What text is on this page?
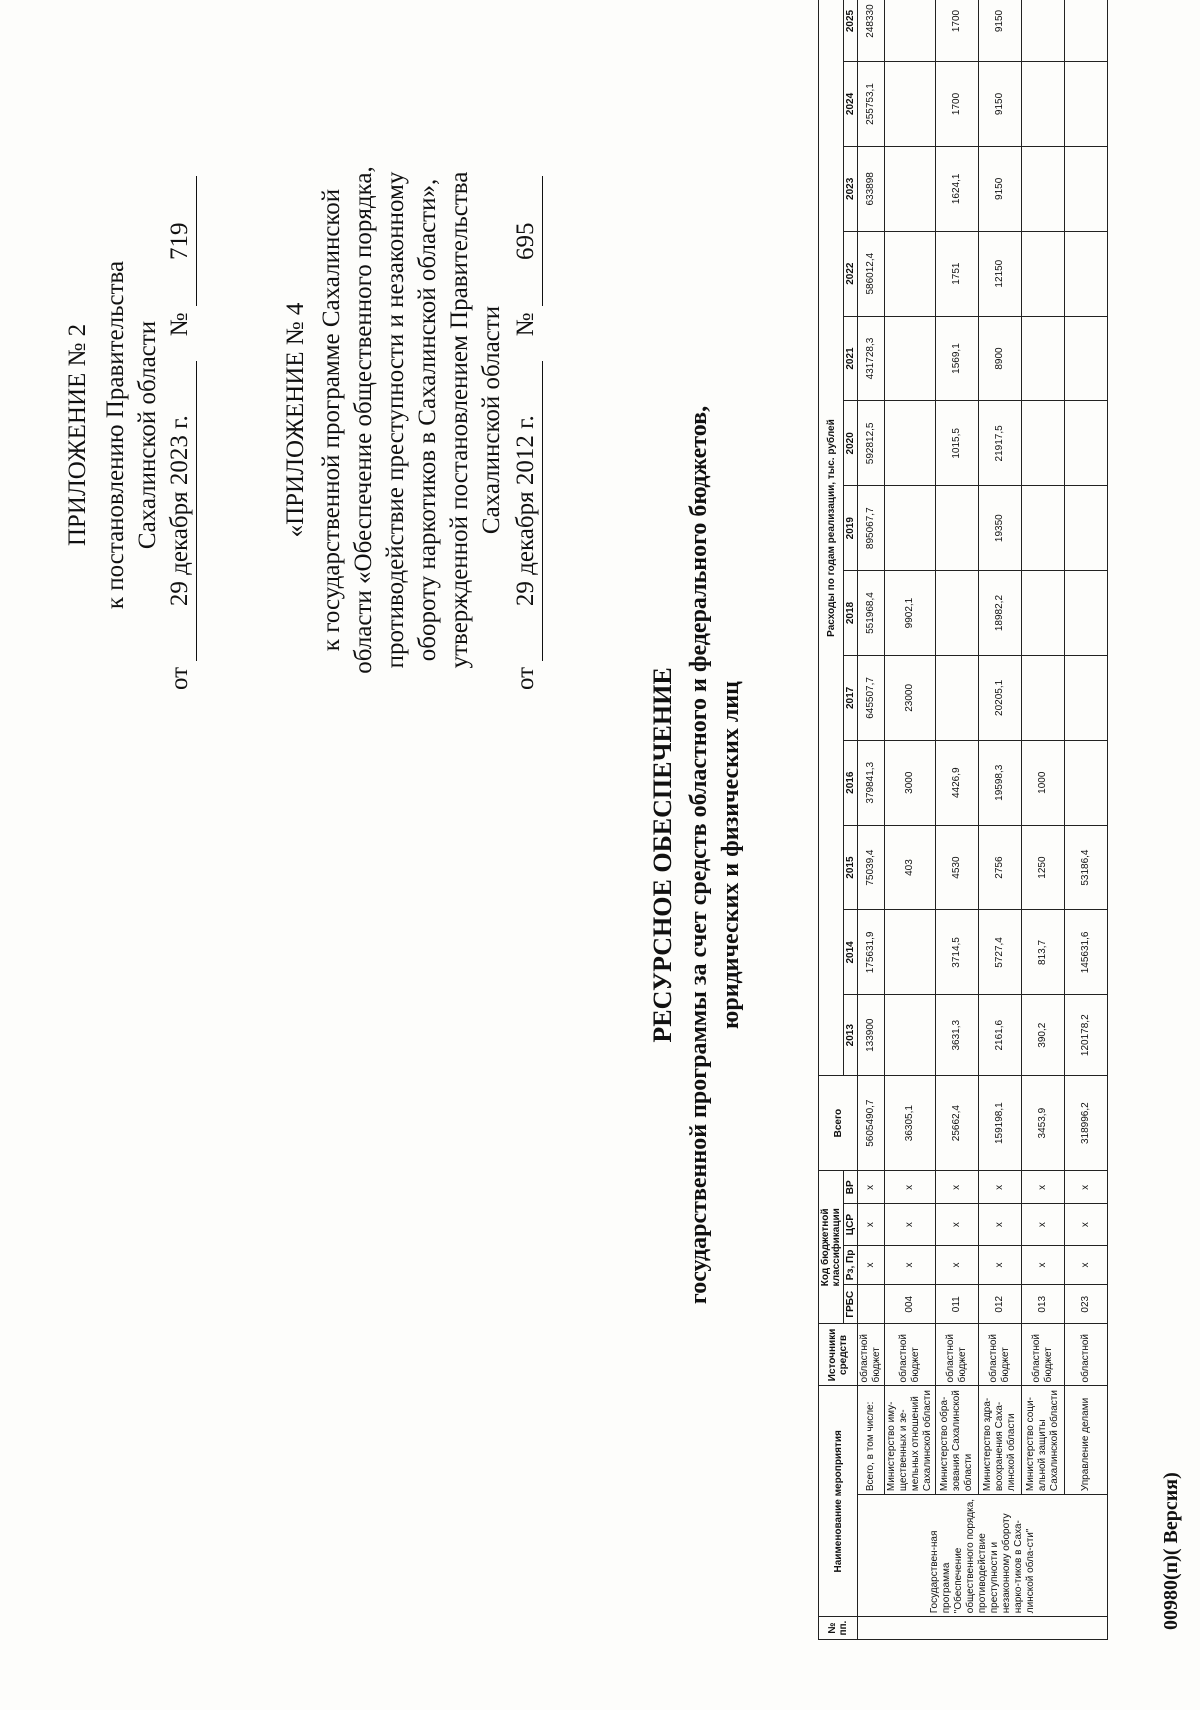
ПРИЛОЖЕНИЕ № 2 к постановлению Правительства Сахалинской области
от 29 декабря 2023 г. № 719
«ПРИЛОЖЕНИЕ № 4 к государственной программе Сахалинской области «Обеспечение общественного порядка, противодействие преступности и незаконному обороту наркотиков в Сахалинской области», утвержденной постановлением Правительства Сахалинской области
от 29 декабря 2012 г. № 695
РЕСУРСНОЕ ОБЕСПЕЧЕНИЕ государственной программы за счет средств областного и федерального бюджетов, юридических и физических лиц
№ пп.	Наименование мероприятия		Источники средств	Код бюджетной классификации				Всего	Расходы по годам реализации, тыс. рублей												
				ГРБС	Рз, Пр	ЦСР	ВР		2013	2014	2015	2016	2017	2018	2019	2020	2021	2022	2023	2024	2025

	Государствен-ная программа "Обеспечение общественного порядка, противодействие преступности и незаконному обороту нарко-тиков в Саха-линской обла-сти"	Всего, в том числе:	областной бюджет		х	х	х	5605490,7	133900	175631,9	75039,4	379841,3	645507,7	551968,4	895067,7	592812,5	431728,3	586012,4	633898	255753,1	248330
		Министерство иму-щественных и зе-мельных отношений Сахалинской области	областной бюджет	004	х	х	х	36305,1			403	3000	23000	9902,1							
		Министерство обра-зования Сахалинской области	областной бюджет	011	х	х	х	25662,4	3631,3	3714,5	4530	4426,9				1015,5	1569,1	1751	1624,1	1700	1700
		Министерство здра-воохранения Саха-линской области	областной бюджет	012	х	х	х	159198,1	2161,6	5727,4	2756	19598,3	20205,1	18982,2	19350	21917,5	8900	12150	9150	9150	9150
		Министерство соци-альной защиты Сахалинской области	областной бюджет	013	х	х	х	3453,9	390,2	813,7	1250	1000									
		Управление делами	областной	023	х	х	х	318996,2	120178,2	145631,6	53186,4										
00980(п)( Версия)
